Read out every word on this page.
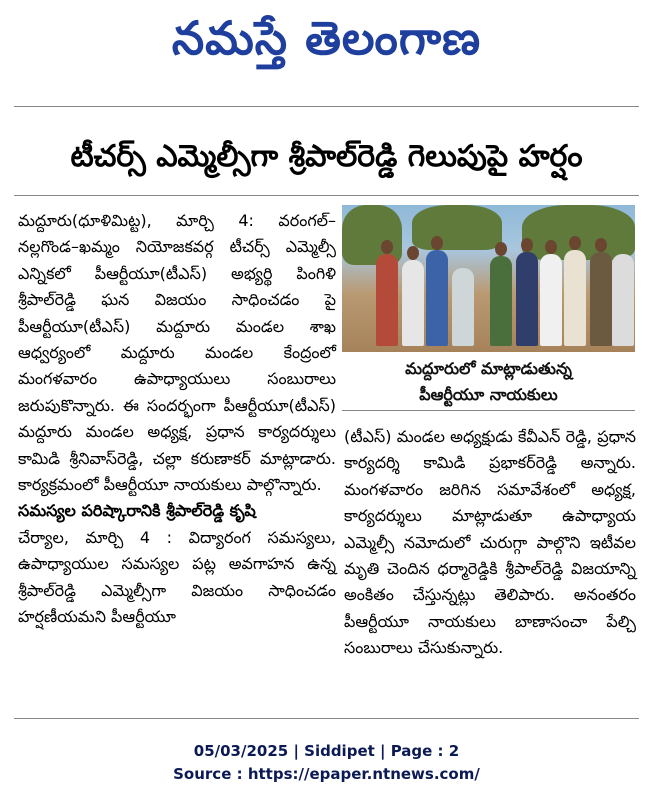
నమస్తే తెలంగాణ
టీచర్స్ ఎమ్మెల్సీగా శ్రీపాల్‌రెడ్డి గెలుపుపై హర్షం

మద్దూరు(ధూళిమిట్ట), మార్చి 4: వరంగల్–నల్లగొండ–ఖమ్మం నియోజకవర్గ టీచర్స్ ఎమ్మెల్సీ ఎన్నికలో పీఆర్టీయూ(టీఎస్) అభ్యర్థి పింగిళి శ్రీపాల్‌రెడ్డి ఘన విజయం సాధించడం పై పీఆర్టీయూ(టీఎస్) మద్దూరు మండల శాఖ ఆధ్వర్యంలో మద్దూరు మండల కేంద్రంలో మంగళవారం ఉపాధ్యాయులు సంబురాలు జరుపుకొన్నారు. ఈ సందర్భంగా పీఆర్టీయూ(టీఎస్) మద్దూరు మండల అధ్యక్ష, ప్రధాన కార్యదర్శులు కామిడి శ్రీనివాస్‌రెడ్డి, చల్లా కరుణాకర్ మాట్లాడారు. కార్యక్రమంలో పీఆర్టీయూ నాయకులు పాల్గొన్నారు.

సమస్యల పరిష్కారానికి శ్రీపాల్‌రెడ్డి కృషి

చేర్యాల, మార్చి 4 : విద్యారంగ సమస్యలు, ఉపాధ్యాయుల సమస్యల పట్ల అవగాహన ఉన్న శ్రీపాల్‌రెడ్డి ఎమ్మెల్సీగా విజయం సాధించడం హర్షణీయమని పీఆర్టీయూ

మద్దూరులో మాట్లాడుతున్న
పీఆర్టీయూ నాయకులు

(టీఎస్) మండల అధ్యక్షుడు కేవీఎన్ రెడ్డి, ప్రధాన కార్యదర్శి కామిడి ప్రభాకర్‌రెడ్డి అన్నారు. మంగళవారం జరిగిన సమావేశంలో అధ్యక్ష, కార్యదర్శులు మాట్లాడుతూ ఉపాధ్యాయ ఎమ్మెల్సీ నమోదులో చురుగ్గా పాల్గొని ఇటీవల మృతి చెందిన ధర్మారెడ్డికి శ్రీపాల్‌రెడ్డి విజయాన్ని అంకితం చేస్తున్నట్లు తెలిపారు. అనంతరం పీఆర్టీయూ నాయకులు బాణాసంచా పేల్చి సంబురాలు చేసుకున్నారు.

05/03/2025 | Siddipet | Page : 2
Source : https://epaper.ntnews.com/
